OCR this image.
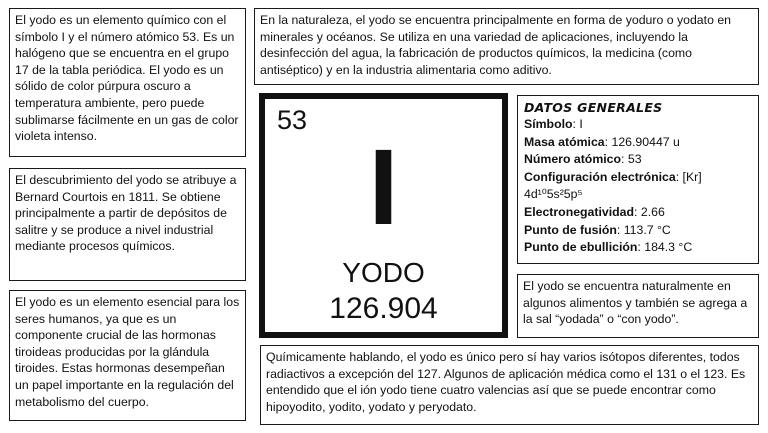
El yodo es un elemento químico con el símbolo I y el número atómico 53. Es un halógeno que se encuentra en el grupo 17 de la tabla periódica. El yodo es un sólido de color púrpura oscuro a temperatura ambiente, pero puede sublimarse fácilmente en un gas de color violeta intenso.
En la naturaleza, el yodo se encuentra principalmente en forma de yoduro o yodato en minerales y océanos. Se utiliza en una variedad de aplicaciones, incluyendo la desinfección del agua, la fabricación de productos químicos, la medicina (como antiséptico) y en la industria alimentaria como aditivo.
El descubrimiento del yodo se atribuye a Bernard Courtois en 1811. Se obtiene principalmente a partir de depósitos de salitre y se produce a nivel industrial mediante procesos químicos.
El yodo es un elemento esencial para los seres humanos, ya que es un componente crucial de las hormonas tiroideas producidas por la glándula tiroides. Estas hormonas desempeñan un papel importante en la regulación del metabolismo del cuerpo.
53
I
YODO
126.904
DATOS GENERALES
Símbolo: I
Masa atómica: 126.90447 u
Número atómico: 53
Configuración electrónica: [Kr] 4d¹⁰5s²5p⁵
Electronegatividad: 2.66
Punto de fusión: 113.7 °C
Punto de ebullición: 184.3 °C
El yodo se encuentra naturalmente en algunos alimentos y también se agrega a la sal “yodada” o “con yodo”.
Químicamente hablando, el yodo es único pero sí hay varios isótopos diferentes, todos radiactivos a excepción del 127. Algunos de aplicación médica como el 131 o el 123. Es entendido que el ión yodo tiene cuatro valencias así que se puede encontrar como hipoyodito, yodito, yodato y peryodato.
